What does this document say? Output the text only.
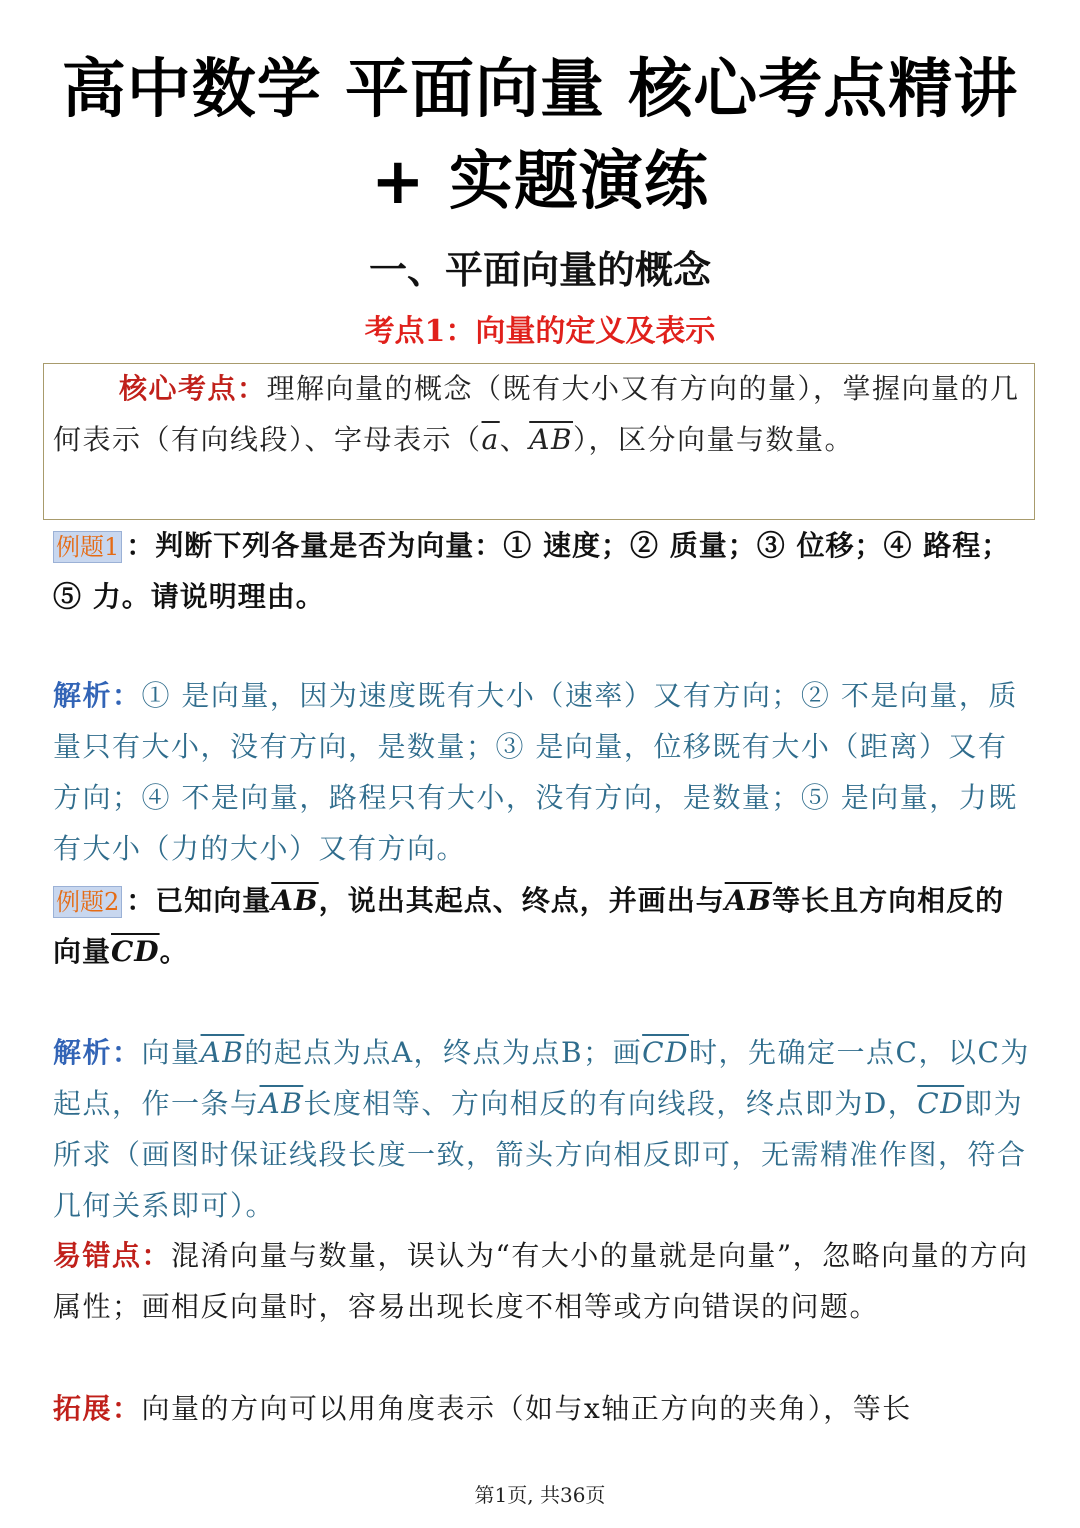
高中数学 平面向量 核心考点精讲
+ 实题演练
一、平面向量的概念
考点1：向量的定义及表示

核心考点：理解向量的概念（既有大小又有方向的量），掌握向量的几何表示（有向线段）、字母表示（$\overline{a}$、$\overline{AB}$），区分向量与数量。

例题1 ：判断下列各量是否为向量：① 速度；② 质量；③ 位移；④ 路程；⑤ 力。请说明理由。

解析：① 是向量，因为速度既有大小（速率）又有方向；② 不是向量，质量只有大小，没有方向，是数量；③ 是向量，位移既有大小（距离）又有方向；④ 不是向量，路程只有大小，没有方向，是数量；⑤ 是向量，力既有大小（力的大小）又有方向。

例题2 ：已知向量$\overline{AB}$，说出其起点、终点，并画出与$\overline{AB}$等长且方向相反的向量$\overline{CD}$。

解析：向量$\overline{AB}$的起点为点A，终点为点B；画$\overline{CD}$时，先确定一点C，以C为起点，作一条与$\overline{AB}$长度相等、方向相反的有向线段，终点即为D，$\overline{CD}$即为所求（画图时保证线段长度一致，箭头方向相反即可，无需精准作图，符合几何关系即可）。

易错点：混淆向量与数量，误认为“有大小的量就是向量”，忽略向量的方向属性；画相反向量时，容易出现长度不相等或方向错误的问题。

拓展：向量的方向可以用角度表示（如与x轴正方向的夹角），等长

第1页, 共36页
